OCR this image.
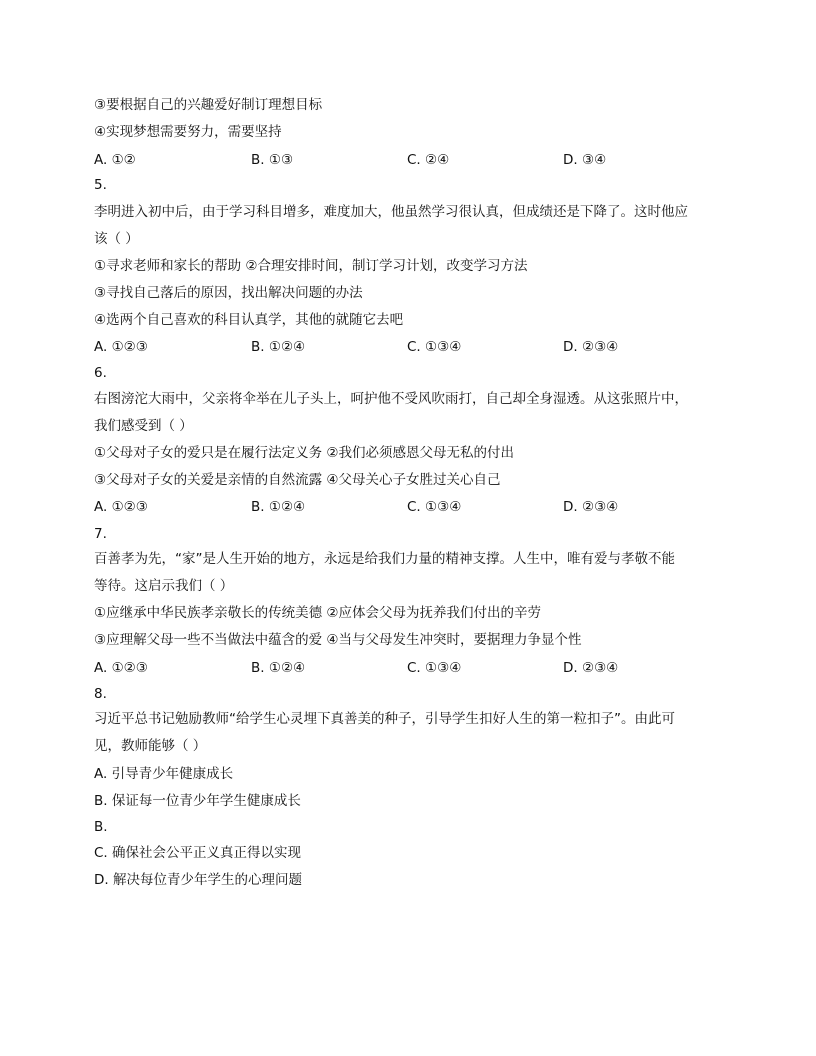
③要根据自己的兴趣爱好制订理想目标
④实现梦想需要努力，需要坚持
A. ①②	B. ①③	C. ②④	D. ③④
5.
李明进入初中后，由于学习科目增多，难度加大，他虽然学习很认真，但成绩还是下降了。这时他应
该（ ）
①寻求老师和家长的帮助 ②合理安排时间，制订学习计划，改变学习方法
③寻找自己落后的原因，找出解决问题的办法
④选两个自己喜欢的科目认真学，其他的就随它去吧
A. ①②③	B. ①②④	C. ①③④	D. ②③④
6.
右图滂沱大雨中，父亲将伞举在儿子头上，呵护他不受风吹雨打，自己却全身湿透。从这张照片中，
我们感受到（ ）
①父母对子女的爱只是在履行法定义务 ②我们必须感恩父母无私的付出
③父母对子女的关爱是亲情的自然流露 ④父母关心子女胜过关心自己
A. ①②③	B. ①②④	C. ①③④	D. ②③④
7.
百善孝为先，“家”是人生开始的地方，永远是给我们力量的精神支撑。人生中，唯有爱与孝敬不能
等待。这启示我们（ ）
①应继承中华民族孝亲敬长的传统美德 ②应体会父母为抚养我们付出的辛劳
③应理解父母一些不当做法中蕴含的爱 ④当与父母发生冲突时，要据理力争显个性
A. ①②③	B. ①②④	C. ①③④	D. ②③④
8.
习近平总书记勉励教师“给学生心灵埋下真善美的种子，引导学生扣好人生的第一粒扣子”。由此可
见，教师能够（ ）
A. 引导青少年健康成长
B. 保证每一位青少年学生健康成长
B.
C. 确保社会公平正义真正得以实现
D. 解决每位青少年学生的心理问题
